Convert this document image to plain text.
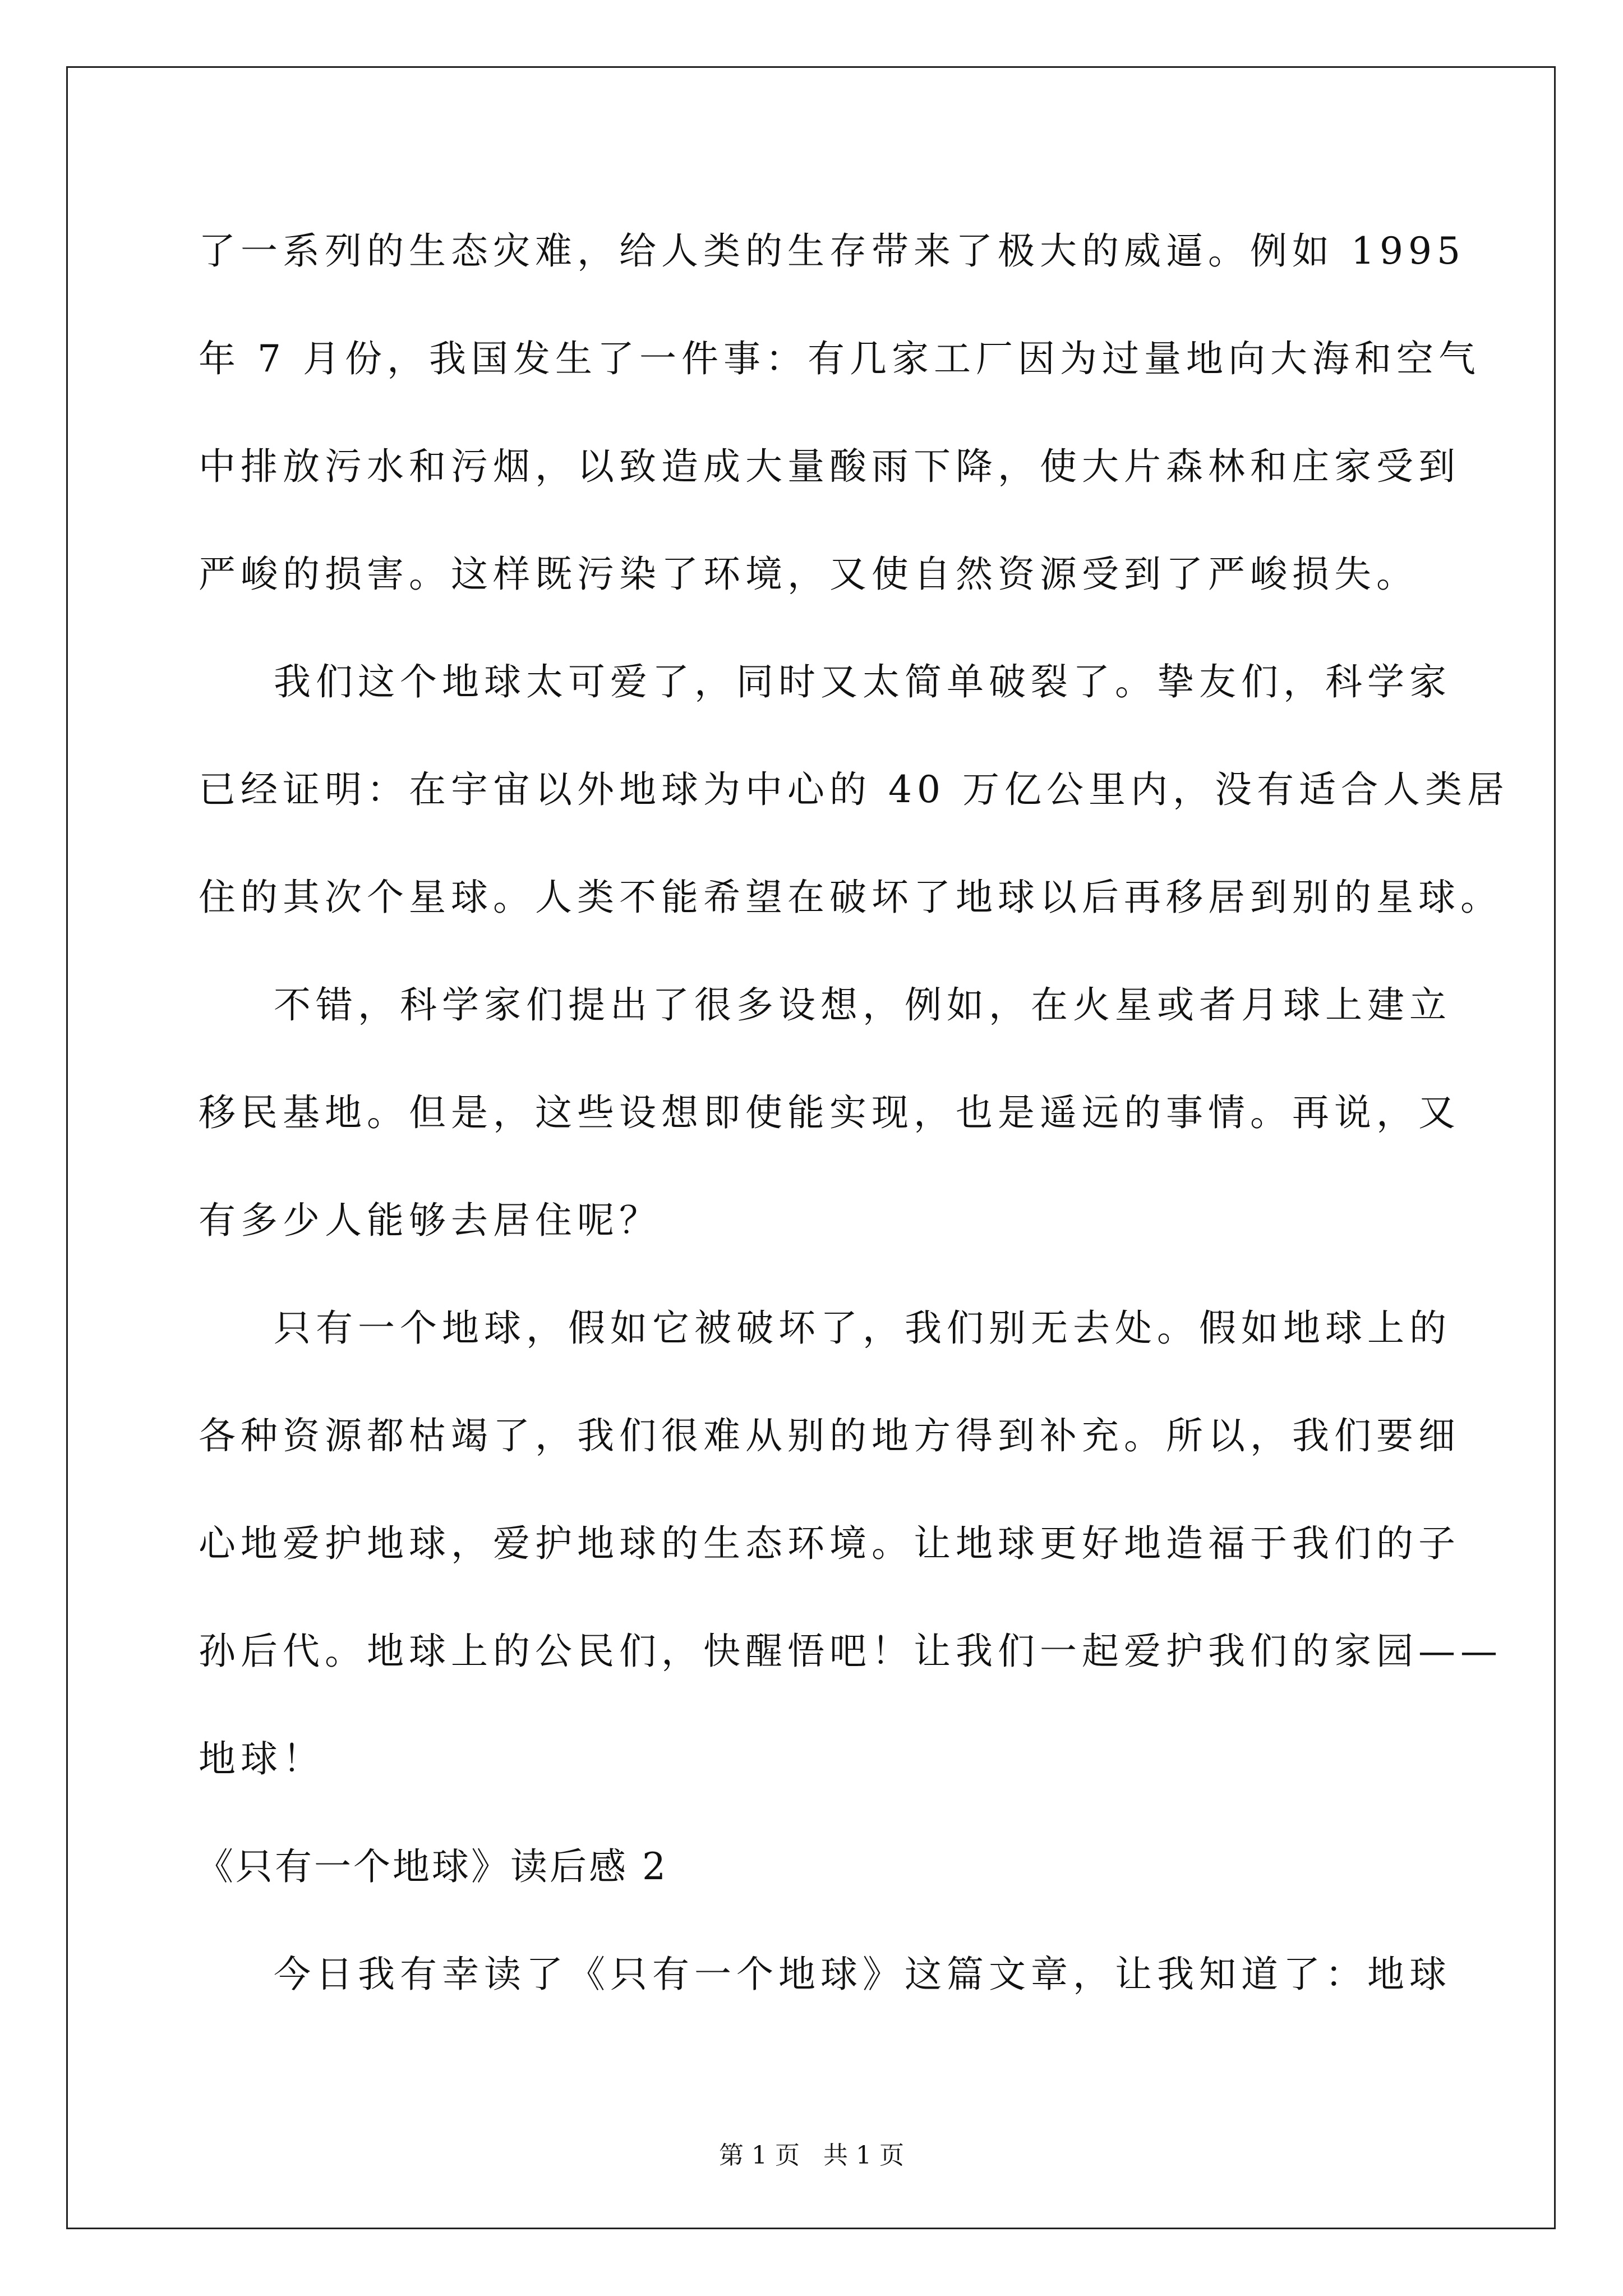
了一系列的生态灾难，给人类的生存带来了极大的威逼。例如 1995
年 7 月份，我国发生了一件事：有几家工厂因为过量地向大海和空气
中排放污水和污烟，以致造成大量酸雨下降，使大片森林和庄家受到
严峻的损害。这样既污染了环境，又使自然资源受到了严峻损失。
我们这个地球太可爱了，同时又太简单破裂了。挚友们，科学家
已经证明：在宇宙以外地球为中心的 40 万亿公里内，没有适合人类居
住的其次个星球。人类不能希望在破坏了地球以后再移居到别的星球。
不错，科学家们提出了很多设想，例如，在火星或者月球上建立
移民基地。但是，这些设想即使能实现，也是遥远的事情。再说，又
有多少人能够去居住呢？
只有一个地球，假如它被破坏了，我们别无去处。假如地球上的
各种资源都枯竭了，我们很难从别的地方得到补充。所以，我们要细
心地爱护地球，爱护地球的生态环境。让地球更好地造福于我们的子
孙后代。地球上的公民们，快醒悟吧！让我们一起爱护我们的家园——
地球！
《只有一个地球》读后感 2
今日我有幸读了《只有一个地球》这篇文章，让我知道了：地球
第 1 页   共 1 页
